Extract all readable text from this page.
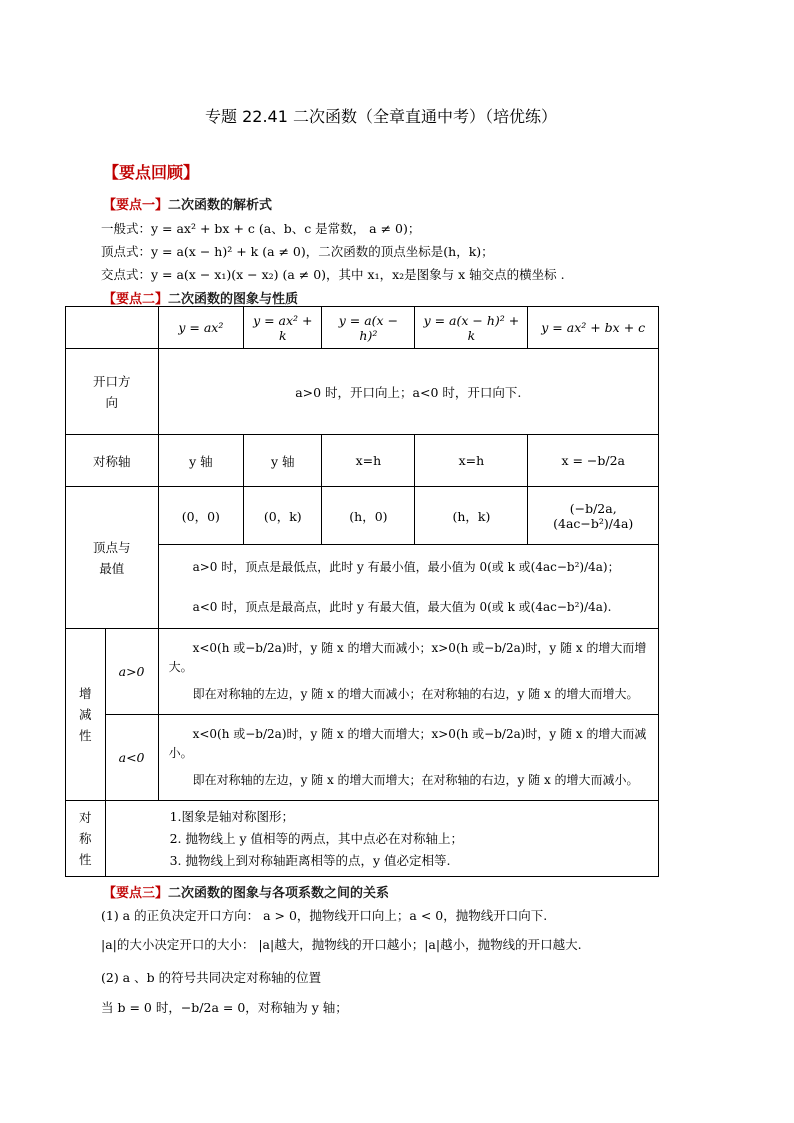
专题 22.41 二次函数（全章直通中考）（培优练）
【要点回顾】
【要点一】二次函数的解析式
一般式：y = ax² + bx + c (a、b、c 是常数， a ≠ 0)；
顶点式：y = a(x − h)² + k (a ≠ 0)，二次函数的顶点坐标是(h，k)；
交点式：y = a(x − x₁)(x − x₂) (a ≠ 0)，其中 x₁，x₂是图象与 x 轴交点的横坐标 .
【要点二】二次函数的图象与性质
		y = ax²	y = ax² + k	y = a(x − h)²	y = a(x − h)² + k	y = ax² + bx + c
开口方向		a>0 时，开口向上；a<0 时，开口向下.				
对称轴		y 轴	y 轴	x=h	x=h	x = −b/2a
顶点与最值		(0，0)	(0，k)	(h，0)	(h，k)	(−b/2a, (4ac−b²)/4a)

		a>0 时，顶点是最低点，此时 y 有最小值，最小值为 0(或 k 或(4ac−b²)/4a)；
a<0 时，顶点是最高点，此时 y 有最大值，最大值为 0(或 k 或(4ac−b²)/4a).				

增减性	a>0	x<0(h 或−b/2a)时，y 随 x 的增大而减小；x>0(h 或−b/2a)时，y 随 x 的增大而增大。
即在对称轴的左边，y 随 x 的增大而减小；在对称轴的右边，y 随 x 的增大而增大。				

	a<0	x<0(h 或−b/2a)时，y 随 x 的增大而增大；x>0(h 或−b/2a)时，y 随 x 的增大而减小。
即在对称轴的左边，y 随 x 的增大而增大；在对称轴的右边，y 随 x 的增大而减小。				

对称性	1.图象是轴对称图形；
2. 抛物线上 y 值相等的两点，其中点必在对称轴上；
3. 抛物线上到对称轴距离相等的点，y 值必定相等.					
【要点三】二次函数的图象与各项系数之间的关系
(1) a 的正负决定开口方向： a > 0，抛物线开口向上；a < 0，抛物线开口向下.
|a|的大小决定开口的大小： |a|越大，抛物线的开口越小；|a|越小，抛物线的开口越大.
(2) a 、b 的符号共同决定对称轴的位置
当 b = 0 时，−b/2a = 0，对称轴为 y 轴；
